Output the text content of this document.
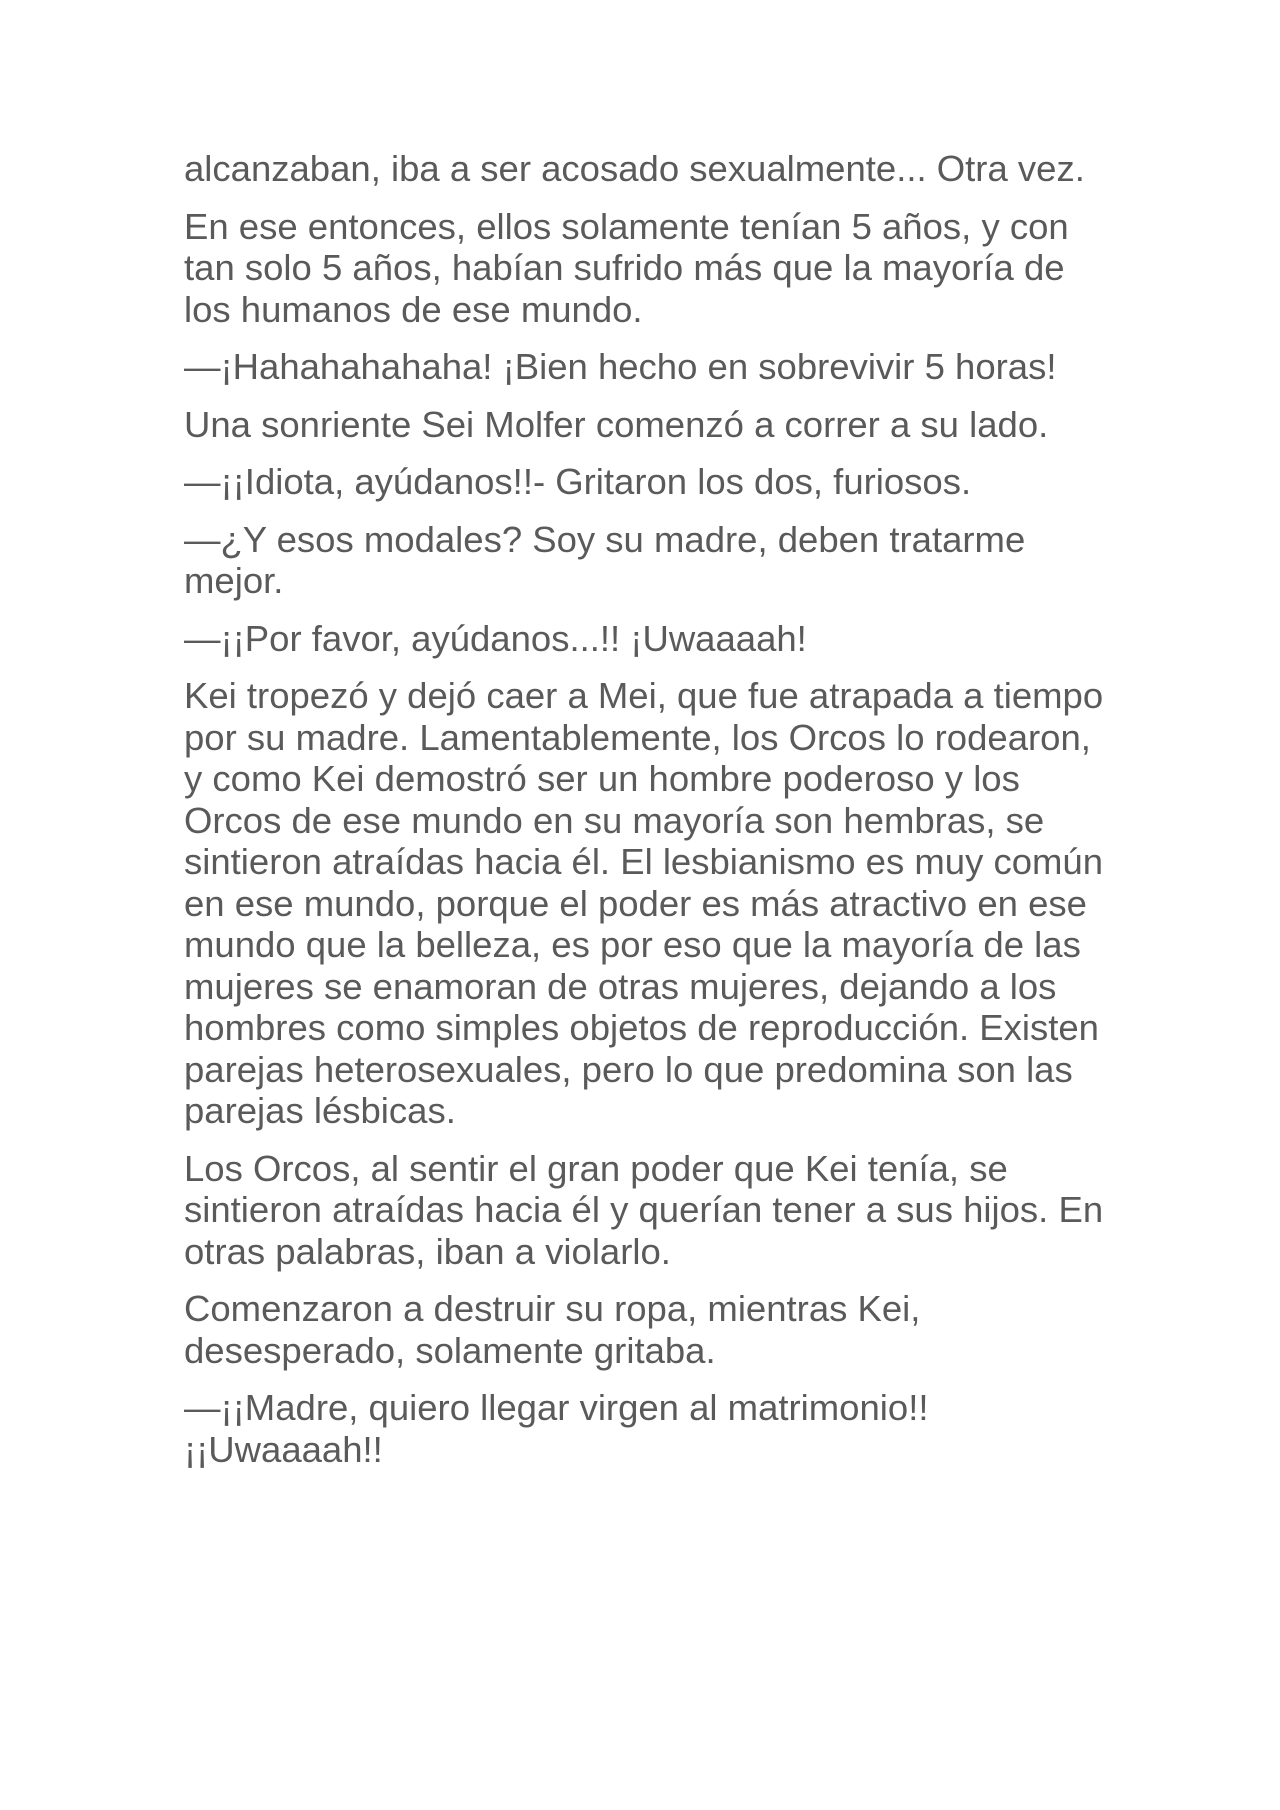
alcanzaban, iba a ser acosado sexualmente... Otra vez.

En ese entonces, ellos solamente tenían 5 años, y con tan solo 5 años, habían sufrido más que la mayoría de los humanos de ese mundo.

—¡Hahahahahaha! ¡Bien hecho en sobrevivir 5 horas!

Una sonriente Sei Molfer comenzó a correr a su lado.

—¡¡Idiota, ayúdanos!!- Gritaron los dos, furiosos.

—¿Y esos modales? Soy su madre, deben tratarme mejor.

—¡¡Por favor, ayúdanos...!! ¡Uwaaaah!

Kei tropezó y dejó caer a Mei, que fue atrapada a tiempo por su madre. Lamentablemente, los Orcos lo rodearon, y como Kei demostró ser un hombre poderoso y los Orcos de ese mundo en su mayoría son hembras, se sintieron atraídas hacia él. El lesbianismo es muy común en ese mundo, porque el poder es más atractivo en ese mundo que la belleza, es por eso que la mayoría de las mujeres se enamoran de otras mujeres, dejando a los hombres como simples objetos de reproducción. Existen parejas heterosexuales, pero lo que predomina son las parejas lésbicas.

Los Orcos, al sentir el gran poder que Kei tenía, se sintieron atraídas hacia él y querían tener a sus hijos. En otras palabras, iban a violarlo.

Comenzaron a destruir su ropa, mientras Kei, desesperado, solamente gritaba.

—¡¡Madre, quiero llegar virgen al matrimonio!! ¡¡Uwaaaah!!
